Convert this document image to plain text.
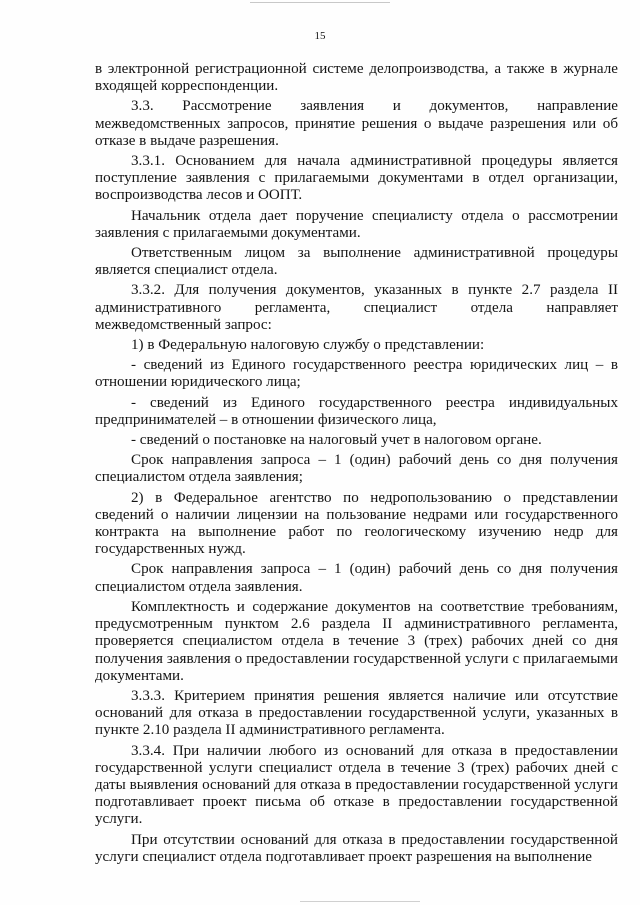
15

в электронной регистрационной системе делопроизводства, а также в журнале входящей корреспонденции.

3.3. Рассмотрение заявления и документов, направление межведомственных запросов, принятие решения о выдаче разрешения или об отказе в выдаче разрешения.

3.3.1. Основанием для начала административной процедуры является поступление заявления с прилагаемыми документами в отдел организации, воспроизводства лесов и ООПТ.

Начальник отдела дает поручение специалисту отдела о рассмотрении заявления с прилагаемыми документами.

Ответственным лицом за выполнение административной процедуры является специалист отдела.

3.3.2. Для получения документов, указанных в пункте 2.7 раздела II административного регламента, специалист отдела направляет межведомственный запрос:

1) в Федеральную налоговую службу о представлении:

- сведений из Единого государственного реестра юридических лиц – в отношении юридического лица;

- сведений из Единого государственного реестра индивидуальных предпринимателей – в отношении физического лица,

- сведений о постановке на налоговый учет в налоговом органе.

Срок направления запроса – 1 (один) рабочий день со дня получения специалистом отдела заявления;

2) в Федеральное агентство по недропользованию о представлении сведений о наличии лицензии на пользование недрами или государственного контракта на выполнение работ по геологическому изучению недр для государственных нужд.

Срок направления запроса – 1 (один) рабочий день со дня получения специалистом отдела заявления.

Комплектность и содержание документов на соответствие требованиям, предусмотренным пунктом 2.6 раздела II административного регламента, проверяется специалистом отдела в течение 3 (трех) рабочих дней со дня получения заявления о предоставлении государственной услуги с прилагаемыми документами.

3.3.3. Критерием принятия решения является наличие или отсутствие оснований для отказа в предоставлении государственной услуги, указанных в пункте 2.10 раздела II административного регламента.

3.3.4. При наличии любого из оснований для отказа в предоставлении государственной услуги специалист отдела в течение 3 (трех) рабочих дней с даты выявления оснований для отказа в предоставлении государственной услуги подготавливает проект письма об отказе в предоставлении государственной услуги.

При отсутствии оснований для отказа в предоставлении государственной услуги специалист отдела подготавливает проект разрешения на выполнение
